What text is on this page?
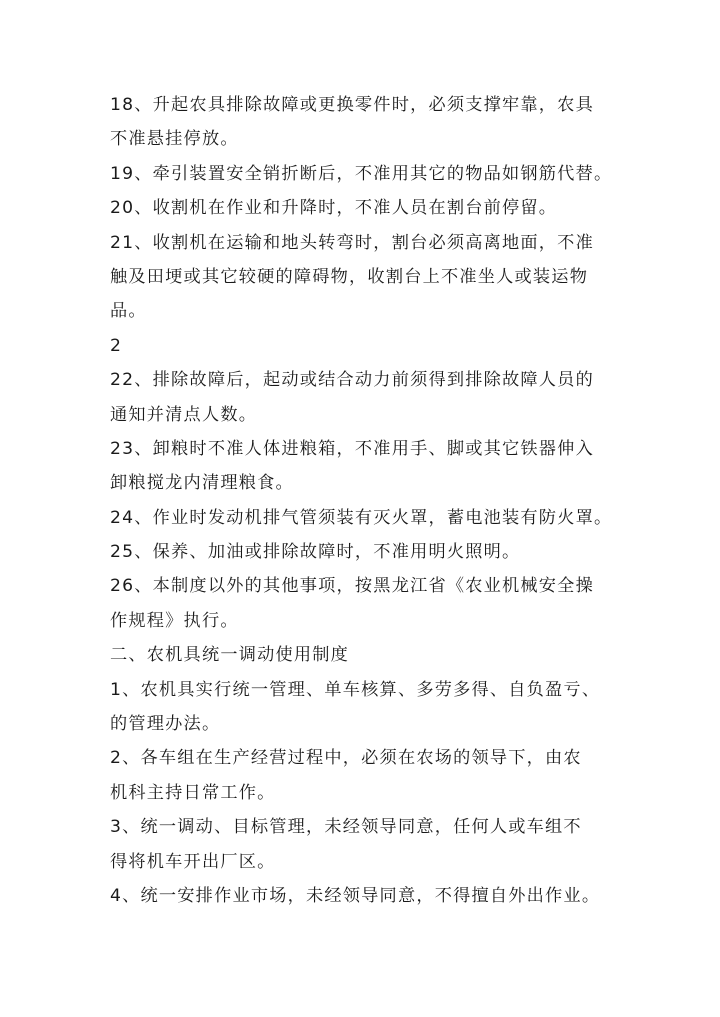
18、升起农具排除故障或更换零件时，必须支撑牢靠，农具
不准悬挂停放。
19、牵引装置安全销折断后，不准用其它的物品如钢筋代替。
20、收割机在作业和升降时，不准人员在割台前停留。
21、收割机在运输和地头转弯时，割台必须高离地面，不准
触及田埂或其它较硬的障碍物，收割台上不准坐人或装运物
品。
2
22、排除故障后，起动或结合动力前须得到排除故障人员的
通知并清点人数。
23、卸粮时不准人体进粮箱，不准用手、脚或其它铁器伸入
卸粮搅龙内清理粮食。
24、作业时发动机排气管须装有灭火罩，蓄电池装有防火罩。
25、保养、加油或排除故障时，不准用明火照明。
26、本制度以外的其他事项，按黑龙江省《农业机械安全操
作规程》执行。
二、农机具统一调动使用制度
1、农机具实行统一管理、单车核算、多劳多得、自负盈亏、
的管理办法。
2、各车组在生产经营过程中，必须在农场的领导下，由农
机科主持日常工作。
3、统一调动、目标管理，未经领导同意，任何人或车组不
得将机车开出厂区。
4、统一安排作业市场，未经领导同意，不得擅自外出作业。
